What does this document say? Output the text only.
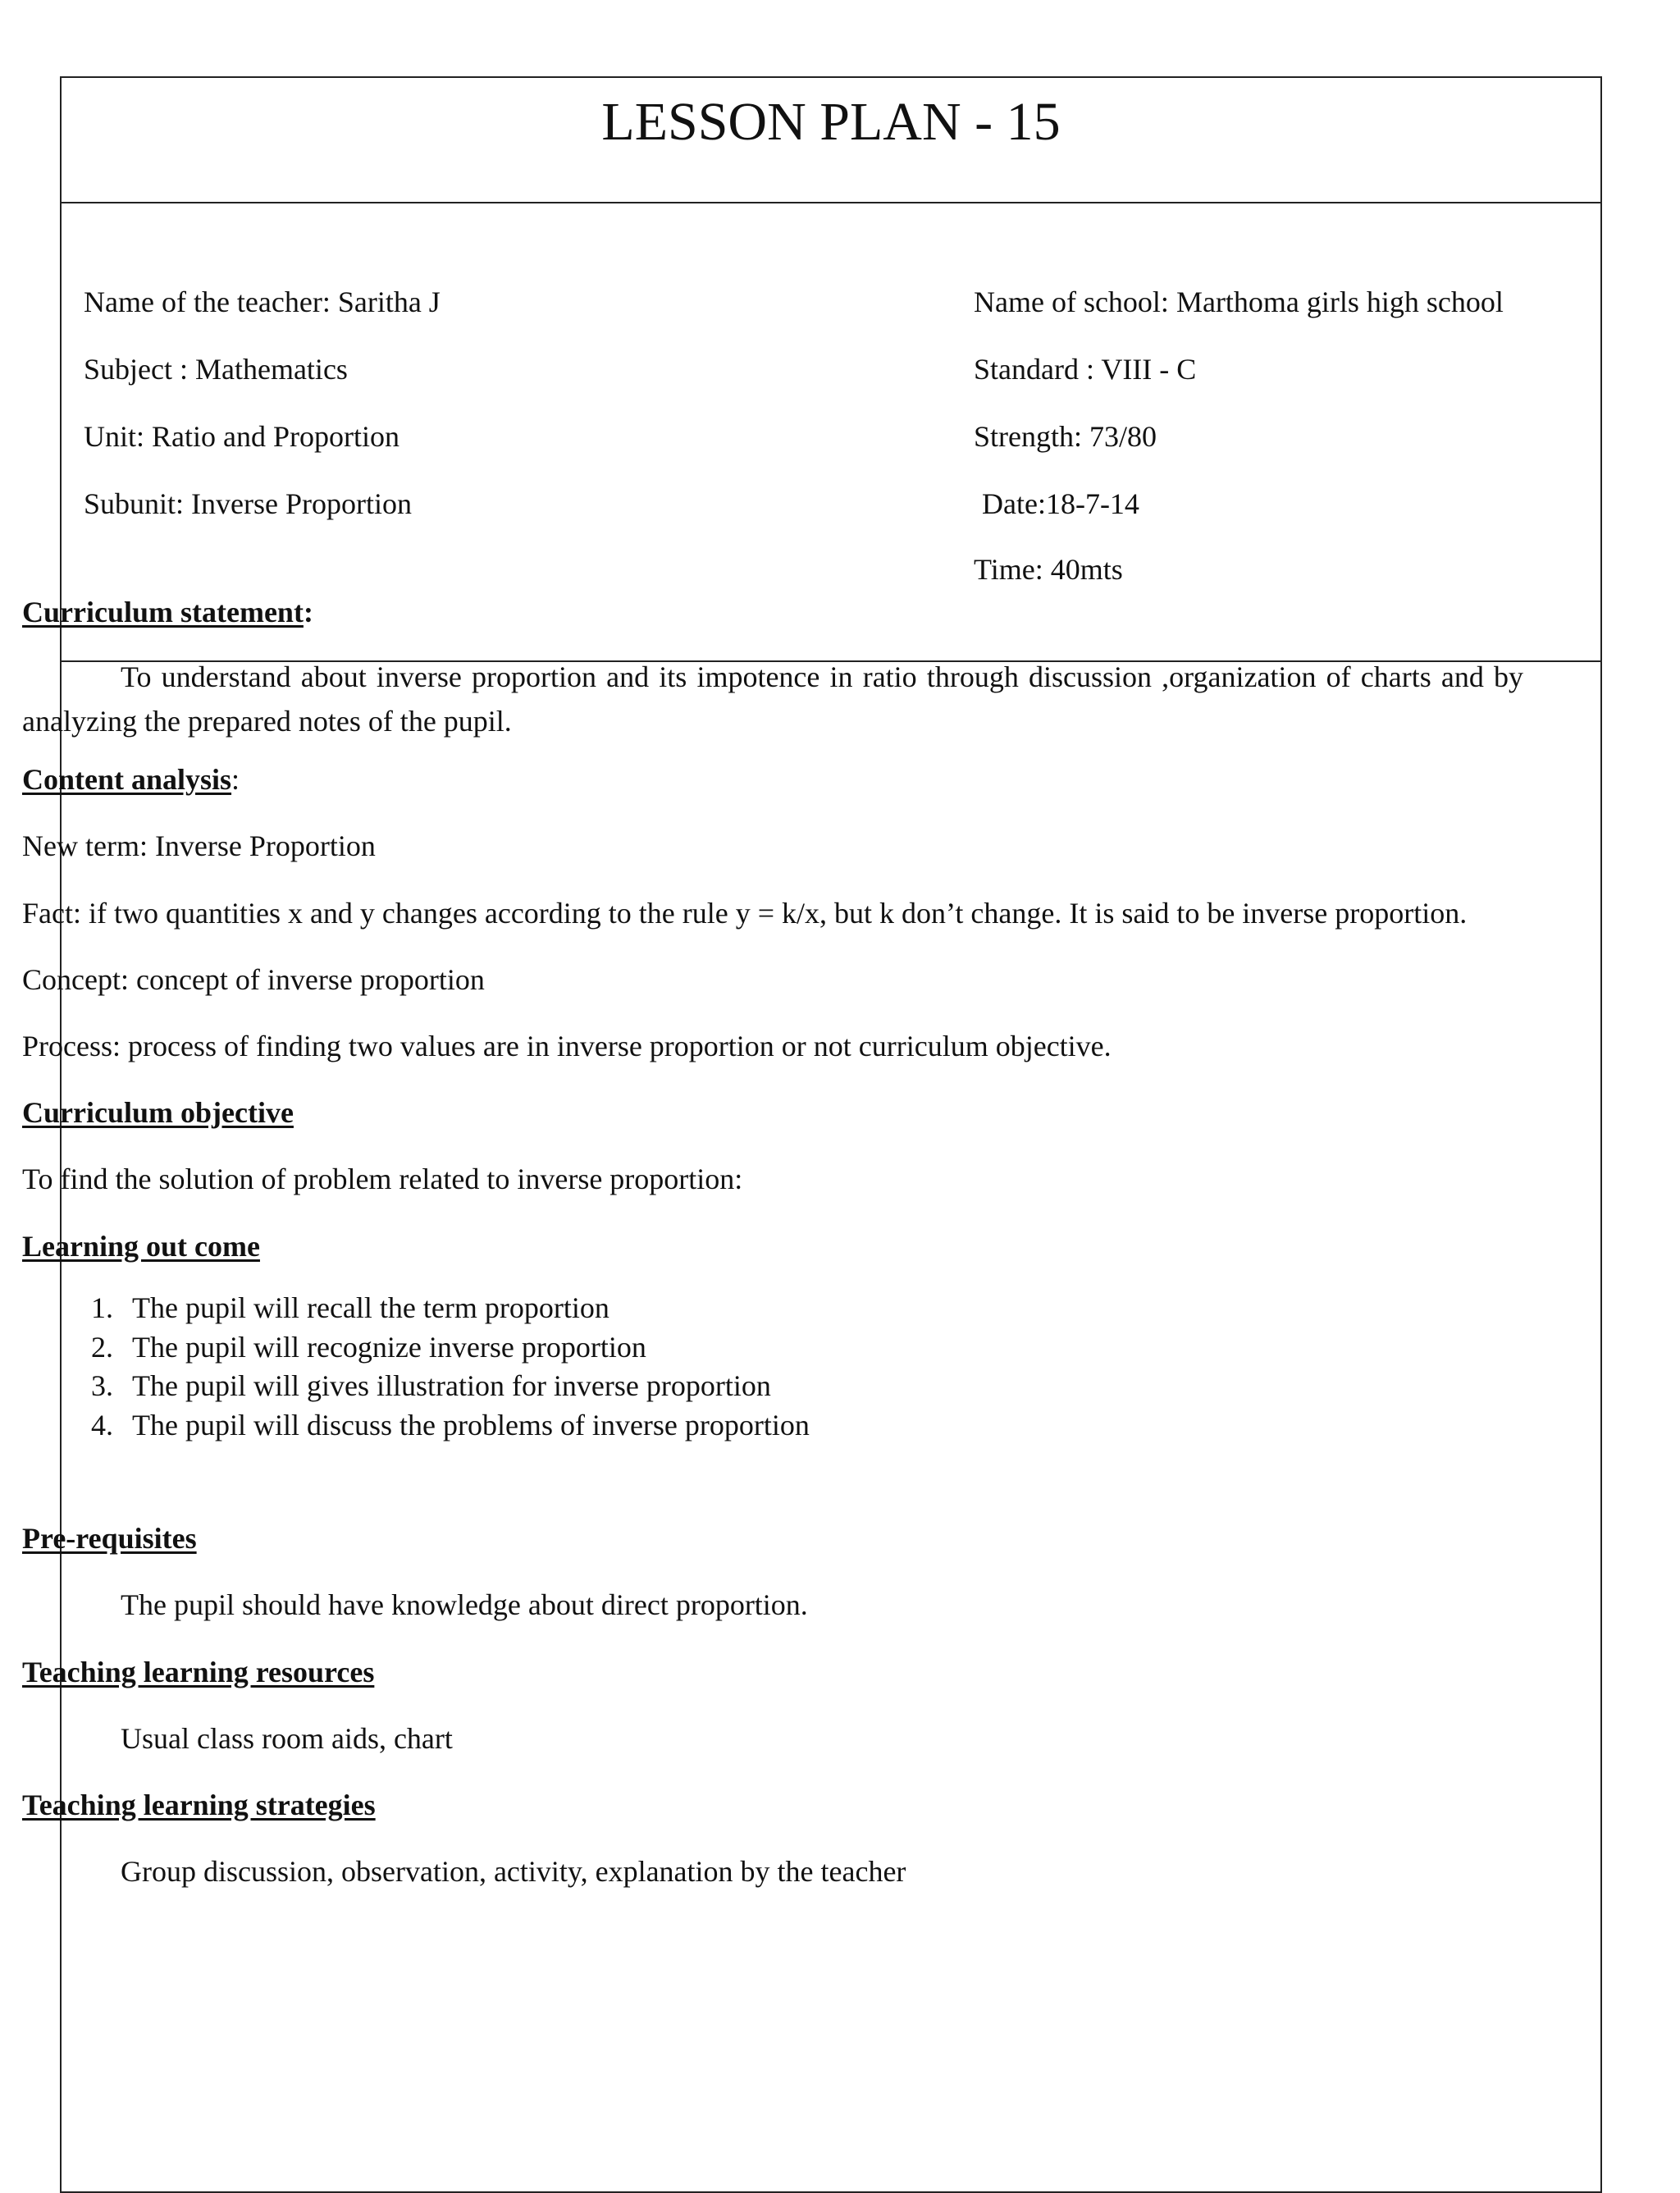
LESSON PLAN - 15
Name of the teacher: Saritha J
Subject : Mathematics
Unit: Ratio and Proportion
Subunit: Inverse Proportion
Name of school: Marthoma girls high school
Standard : VIII - C
Strength: 73/80
Date:18-7-14
Time: 40mts

Curriculum statement:

To understand about inverse proportion and its impotence in ratio through discussion ,organization of charts and by analyzing the prepared notes of the pupil.

Content analysis:

New term: Inverse Proportion

Fact: if two quantities x and y changes according to the rule y = k/x, but k don’t change. It is said to be inverse proportion.

Concept: concept of inverse proportion

Process: process of finding two values are in inverse proportion or not curriculum objective.

Curriculum objective

To find the solution of problem related to inverse proportion:

Learning out come

1. The pupil will recall the term proportion
2. The pupil will recognize inverse proportion
3. The pupil will gives illustration for inverse proportion
4. The pupil will discuss the problems of inverse proportion

Pre-requisites

The pupil should have knowledge about direct proportion.

Teaching learning resources

Usual class room aids, chart

Teaching learning strategies

Group discussion, observation, activity, explanation by the teacher
